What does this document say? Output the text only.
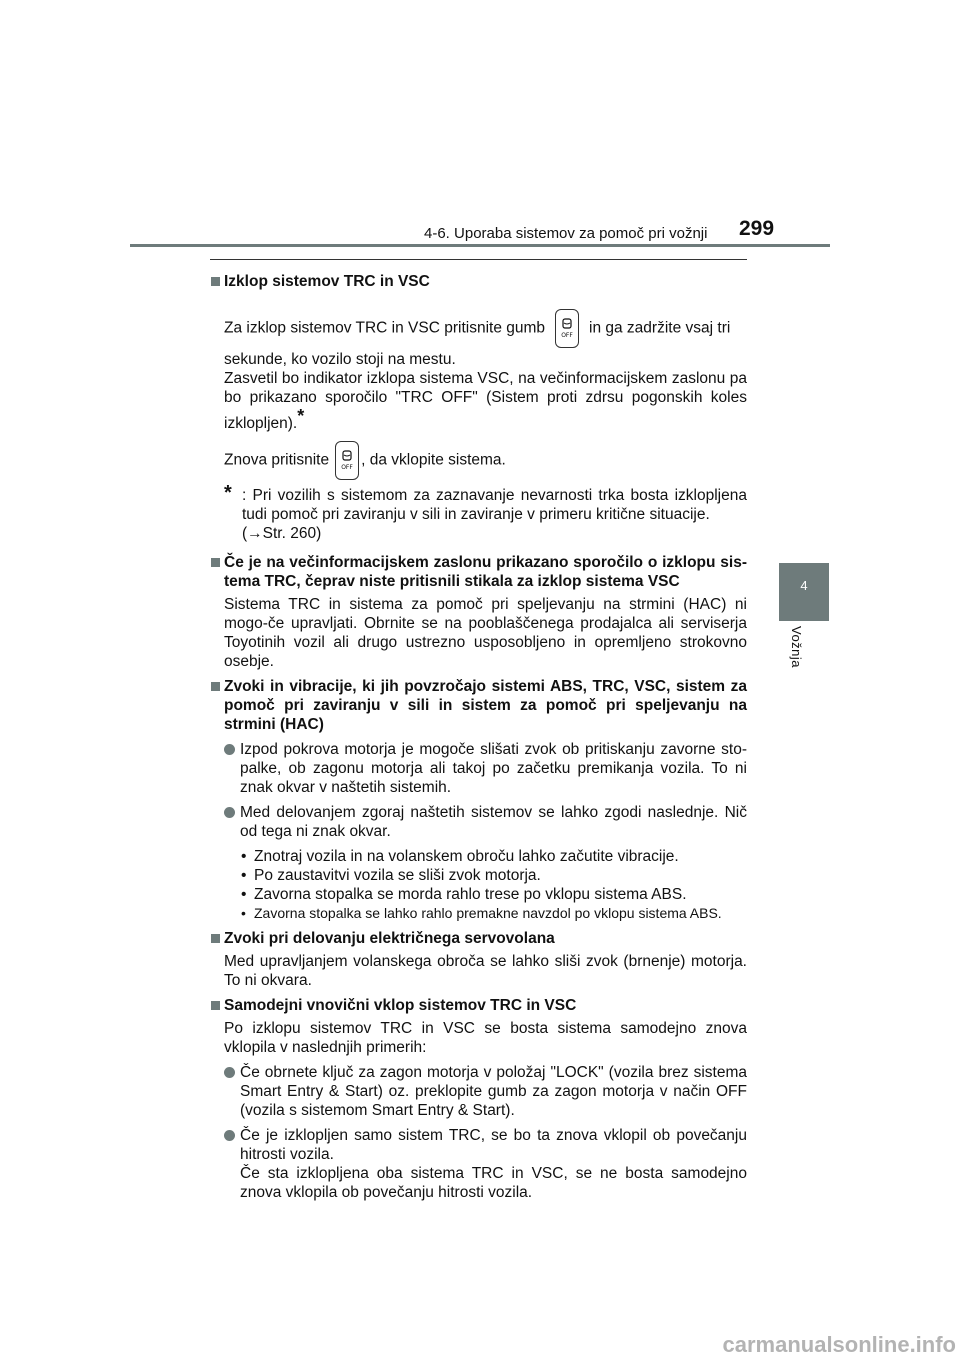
4-6. Uporaba sistemov za pomoč pri vožnji 299
4
Vožnja
Izklop sistemov TRC in VSC
Za izklop sistemov TRC in VSC pritisnite gumb	OFF in ga zadržite vsaj tri
sekunde, ko vozilo stoji na mestu.
Zasvetil bo indikator izklopa sistema VSC, na večinformacijskem zaslonu pa bo prikazano sporočilo "TRC OFF" (Sistem proti zdrsu pogonskih koles izklopljen).*
Znova pritisnite OFF , da vklopite sistema.
* : Pri vozilih s sistemom za zaznavanje nevarnosti trka bosta izklopljena tudi pomoč pri zaviranju v sili in zaviranje v primeru kritične situacije.
(→Str. 260)
Če je na večinformacijskem zaslonu prikazano sporočilo o izklopu sis-tema TRC, čeprav niste pritisnili stikala za izklop sistema VSC
Sistema TRC in sistema za pomoč pri speljevanju na strmini (HAC) ni mogo-če upravljati. Obrnite se na pooblaščenega prodajalca ali serviserja Toyotinih vozil ali drugo ustrezno usposobljeno in opremljeno strokovno osebje.
Zvoki in vibracije, ki jih povzročajo sistemi ABS, TRC, VSC, sistem za pomoč pri zaviranju v sili in sistem za pomoč pri speljevanju na strmini (HAC)
Izpod pokrova motorja je mogoče slišati zvok ob pritiskanju zavorne sto-palke, ob zagonu motorja ali takoj po začetku premikanja vozila. To ni znak okvar v naštetih sistemih.
Med delovanjem zgoraj naštetih sistemov se lahko zgodi naslednje. Nič od tega ni znak okvar.
• Znotraj vozila in na volanskem obroču lahko začutite vibracije.
• Po zaustavitvi vozila se sliši zvok motorja.
• Zavorna stopalka se morda rahlo trese po vklopu sistema ABS.
• Zavorna stopalka se lahko rahlo premakne navzdol po vklopu sistema ABS.
Zvoki pri delovanju električnega servovolana
Med upravljanjem volanskega obroča se lahko sliši zvok (brnenje) motorja. To ni okvara.
Samodejni vnovični vklop sistemov TRC in VSC
Po izklopu sistemov TRC in VSC se bosta sistema samodejno znova vklopila v naslednjih primerih:
Če obrnete ključ za zagon motorja v položaj "LOCK" (vozila brez sistema Smart Entry & Start) oz. preklopite gumb za zagon motorja v način OFF (vozila s sistemom Smart Entry & Start).
Če je izklopljen samo sistem TRC, se bo ta znova vklopil ob povečanju hitrosti vozila.
Če sta izklopljena oba sistema TRC in VSC, se ne bosta samodejno znova vklopila ob povečanju hitrosti vozila.
carmanualsonline.info
